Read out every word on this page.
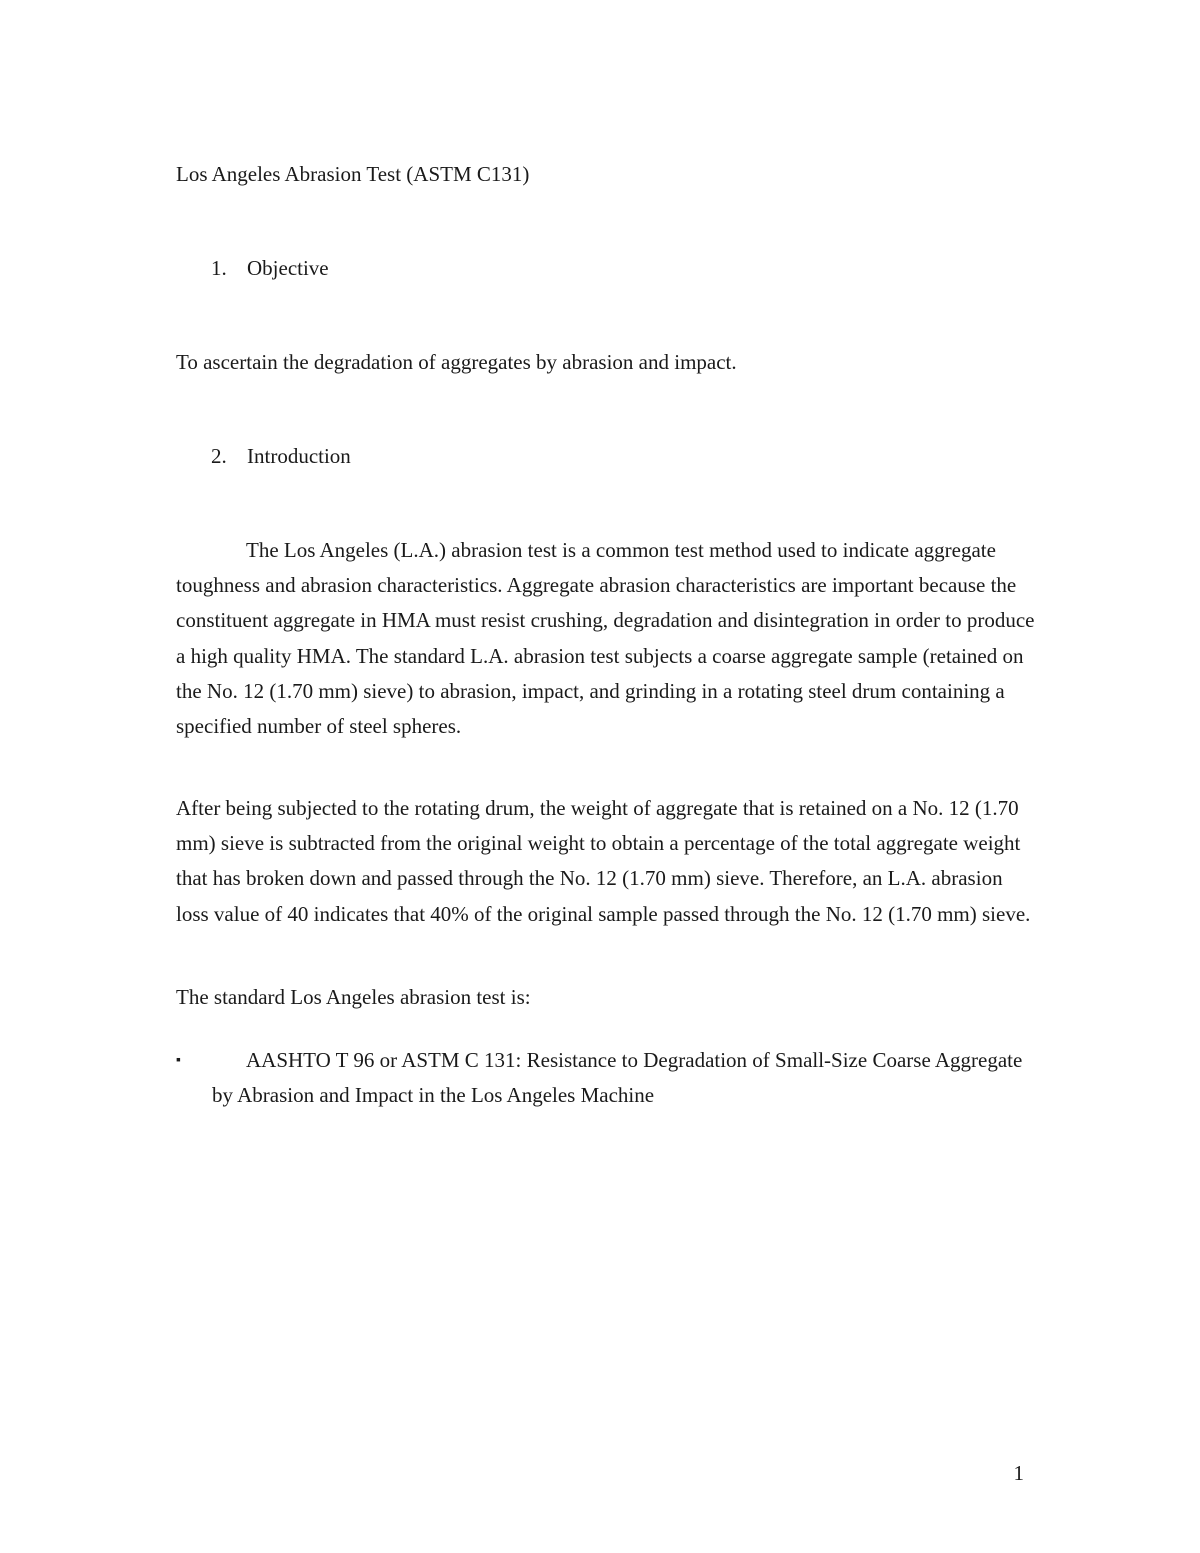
Los Angeles Abrasion Test (ASTM C131)
1. Objective
To ascertain the degradation of aggregates by abrasion and impact.
2. Introduction
The Los Angeles (L.A.) abrasion test is a common test method used to indicate aggregate toughness and abrasion characteristics. Aggregate abrasion characteristics are important because the constituent aggregate in HMA must resist crushing, degradation and disintegration in order to produce a high quality HMA. The standard L.A. abrasion test subjects a coarse aggregate sample (retained on the No. 12 (1.70 mm) sieve) to abrasion, impact, and grinding in a rotating steel drum containing a specified number of steel spheres.
After being subjected to the rotating drum, the weight of aggregate that is retained on a No. 12 (1.70 mm) sieve is subtracted from the original weight to obtain a percentage of the total aggregate weight that has broken down and passed through the No. 12 (1.70 mm) sieve. Therefore, an L.A. abrasion loss value of 40 indicates that 40% of the original sample passed through the No. 12 (1.70 mm) sieve.
The standard Los Angeles abrasion test is:
▪	AASHTO T 96 or ASTM C 131: Resistance to Degradation of Small-Size Coarse Aggregate by Abrasion and Impact in the Los Angeles Machine
1
